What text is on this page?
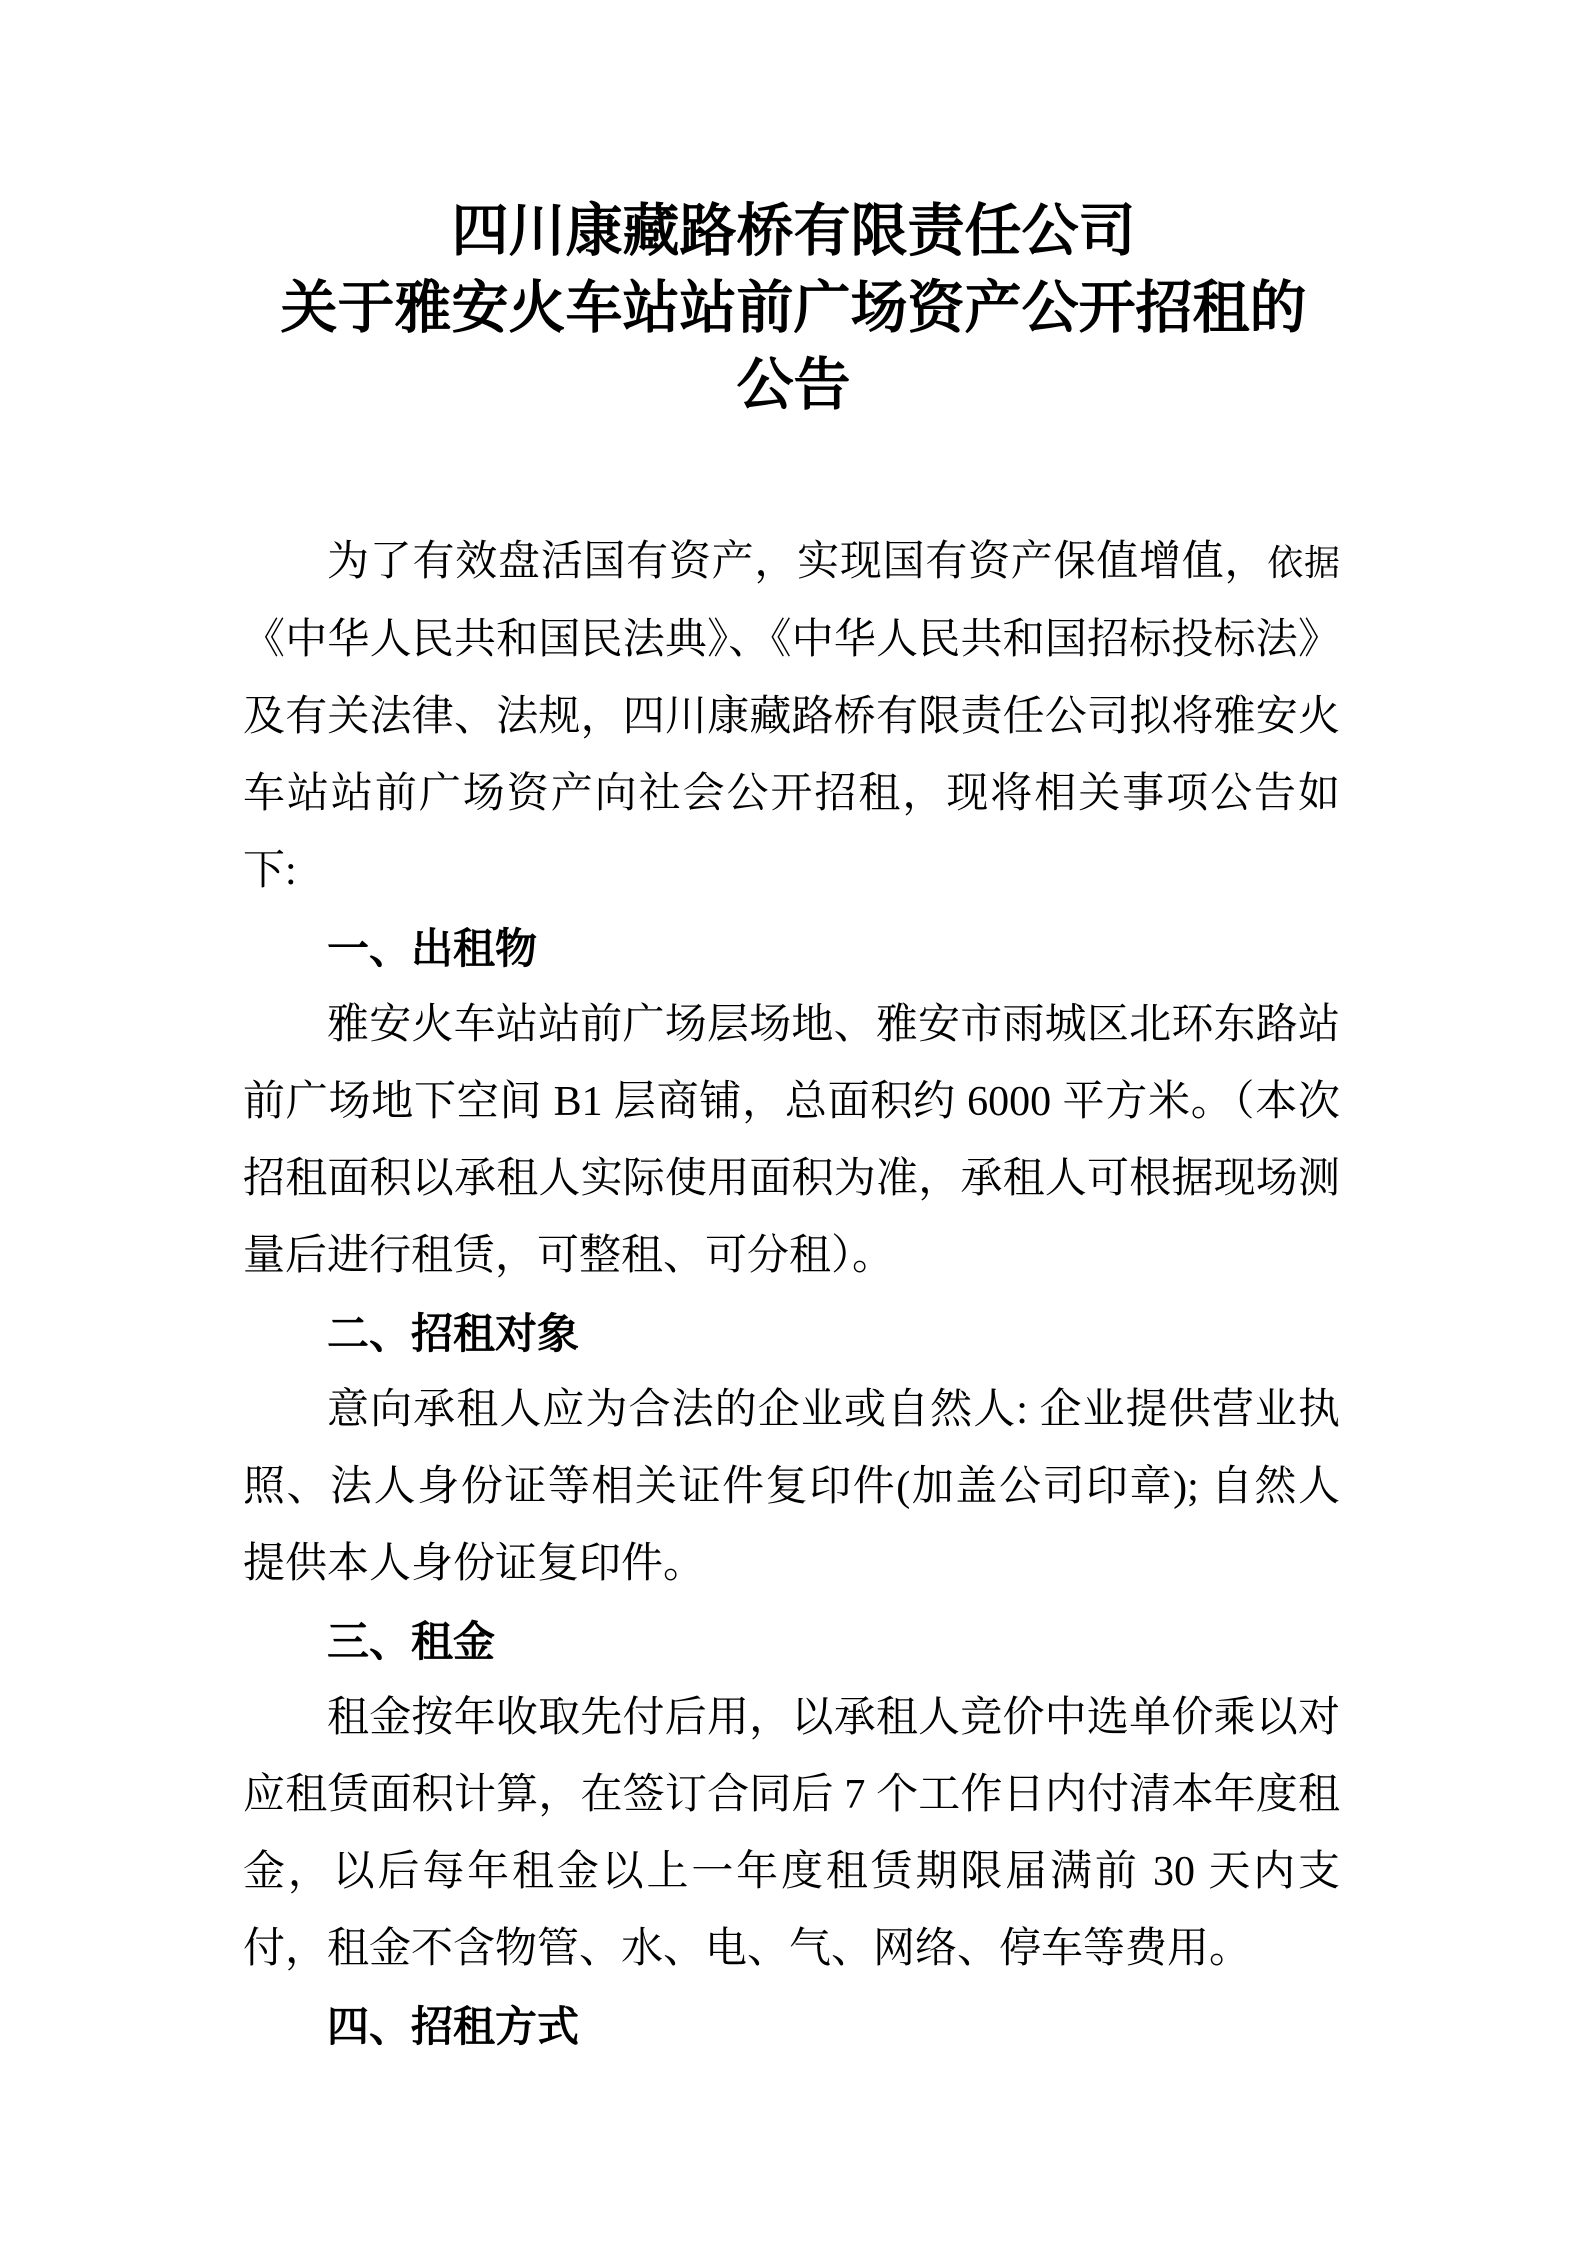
四川康藏路桥有限责任公司
关于雅安火车站站前广场资产公开招租的
公告

为了有效盘活国有资产，实现国有资产保值增值，依据《中华人民共和国民法典》、《中华人民共和国招标投标法》及有关法律、法规，四川康藏路桥有限责任公司拟将雅安火车站站前广场资产向社会公开招租，现将相关事项公告如下:

一、出租物

雅安火车站站前广场层场地、雅安市雨城区北环东路站前广场地下空间 B1 层商铺，总面积约 6000 平方米。（本次招租面积以承租人实际使用面积为准，承租人可根据现场测量后进行租赁，可整租、可分租）。

二、招租对象

意向承租人应为合法的企业或自然人: 企业提供营业执照、法人身份证等相关证件复印件(加盖公司印章); 自然人提供本人身份证复印件。

三、租金

租金按年收取先付后用，以承租人竞价中选单价乘以对应租赁面积计算，在签订合同后 7 个工作日内付清本年度租金，以后每年租金以上一年度租赁期限届满前 30 天内支付，租金不含物管、水、电、气、网络、停车等费用。

四、招租方式
